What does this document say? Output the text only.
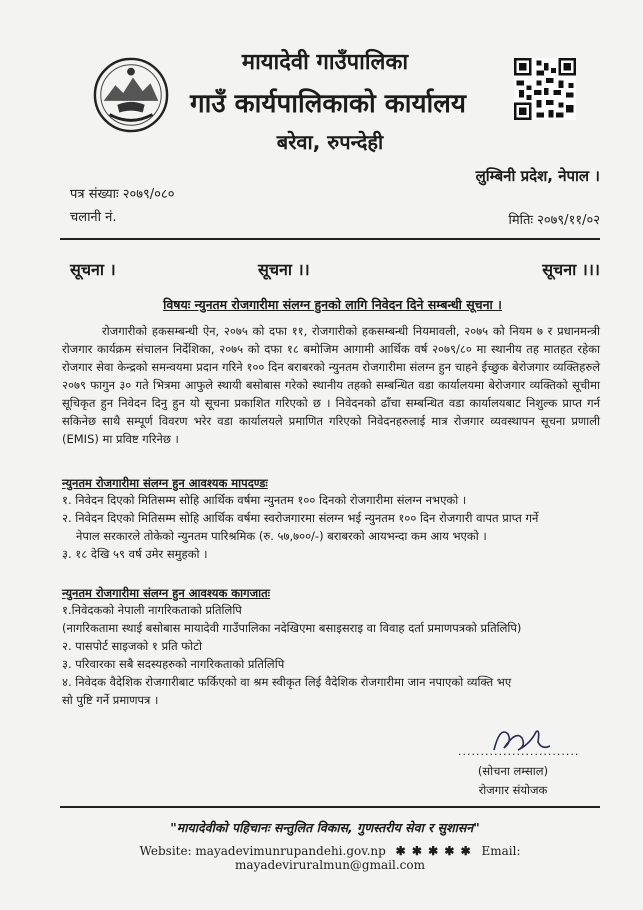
मायादेवी गाउँपालिका
गाउँ कार्यपालिकाको कार्यालय
बरेवा, रुपन्देही
लुम्बिनी प्रदेश, नेपाल ।
पत्र संख्याः २०७९/०८०
चलानी नं.	मितिः २०७९/११/०२
सूचना ।	सूचना ।।	सूचना ।।।
विषयः न्युनतम रोजगारीमा संलग्न हुनको लागि निवेदन दिने सम्बन्धी सूचना ।
रोजगारीको हकसम्बन्धी ऐन, २०७५ को दफा ११, रोजगारीको हकसम्बन्धी नियमावली, २०७५ को नियम ७ र प्रधानमन्त्री रोजगार कार्यक्रम संचालन निर्देशिका, २०७५ को दफा १८ बमोजिम आगामी आर्थिक वर्ष २०७९/८० मा स्थानीय तह मातहत रहेका रोजगार सेवा केन्द्रको समन्वयमा प्रदान गरिने १०० दिन बराबरको न्युनतम रोजगारीमा संलग्न हुन चाहने ईच्छुक बेरोजगार व्यक्तिहरुले २०७९ फागुन ३० गते भित्रमा आफुले स्थायी बसोबास गरेको स्थानीय तहको सम्बन्धित वडा कार्यालयमा बेरोजगार व्यक्तिको सूचीमा सूचिकृत हुन निवेदन दिनु हुन यो सूचना प्रकाशित गरिएको छ । निवेदनको ढाँचा सम्बन्धित वडा कार्यालयबाट निशुल्क प्राप्त गर्न सकिनेछ साथै सम्पूर्ण विवरण भरेर वडा कार्यालयले प्रमाणित गरिएको निवेदनहरुलाई मात्र रोजगार व्यवस्थापन सूचना प्रणाली (EMIS) मा प्रविष्ट गरिनेछ ।
न्युनतम रोजगारीमा संलग्न हुन आवश्यक मापदण्डः
१. निवेदन दिएको मितिसम्म सोहि आर्थिक वर्षमा न्युनतम १०० दिनको रोजगारीमा संलग्न नभएको ।
२. निवेदन दिएको मितिसम्म सोहि आर्थिक वर्षमा स्वरोजगारमा संलग्न भई न्युनतम १०० दिन रोजगारी वापत प्राप्त गर्ने
नेपाल सरकारले तोकेको न्युनतम पारिश्रमिक (रु. ५७,७००/-) बराबरको आयभन्दा कम आय भएको ।
३. १८ देखि ५९ वर्ष उमेर समुहको ।
न्युनतम रोजगारीमा संलग्न हुन आवश्यक कागजातः
१.निवेदकको नेपाली नागरिकताको प्रतिलिपि
(नागरिकतामा स्थाई बसोबास मायादेवी गाउँपालिका नदेखिएमा बसाइसराइ वा विवाह दर्ता प्रमाणपत्रको प्रतिलिपि)
२. पासपोर्ट साइजको १ प्रति फोटो
३. परिवारका सबै सदस्यहरुको नागरिकताको प्रतिलिपि
४. निवेदक वैदेशिक रोजगारीबाट फर्किएको वा श्रम स्वीकृत लिई वैदेशिक रोजगारीमा जान नपाएको व्यक्ति भए
सो पुष्टि गर्ने प्रमाणपत्र ।
...........................
(सोचना लम्साल)
रोजगार संयोजक
"मायादेवीको पहिचानः सन्तुलित विकास, गुणस्तरीय सेवा र सुशासन"
Website: mayadevimunrupandehi.gov.np ✱ ✱ ✱ ✱ ✱ Email: mayadeviruralmun@gmail.com
